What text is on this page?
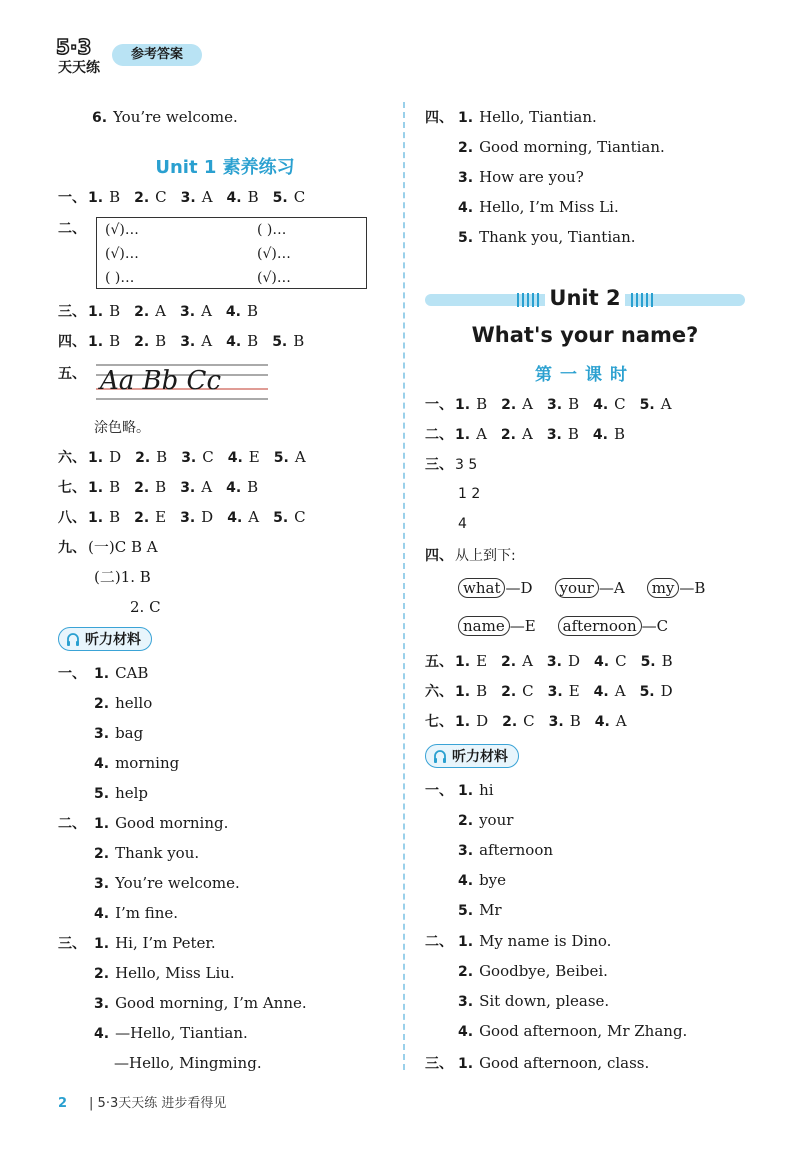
5·3
天天练
参考答案
6. You’re welcome.
Unit 1 素养练习
一、 1. B 2. C 3. A 4. B 5. C
二、 (√)…
(√)…
( )…
( )…
(√)…
(√)…
三、 1. B 2. A 3. A 4. B
四、 1. B 2. B 3. A 4. B 5. B
五、 Aa Bb Cc
涂色略。
六、 1. D 2. B 3. C 4. E 5. A
七、 1. B 2. B 3. A 4. B
八、 1. B 2. E 3. D 4. A 5. C
九、 (一)C B A
(二)1. B
2. C
听力材料
一、
二、
三、
—Hello, Mingming.
四、
Unit 2
What's your name?
第一课时
一、 1. B 2. A 3. B 4. C 5. A
二、 1. A 2. A 3. B 4. B
三、 3 5
1 2
4
四、 从上到下:
what —D your —A my —B
name —E afternoon —C
五、 1. E 2. A 3. D 4. C 5. B
六、 1. B 2. C 3. E 4. A 5. D
七、 1. D 2. C 3. B 4. A
听力材料
一、
二、
三、
2 | 5·3天天练 进步看得见
1. CAB
2. hello
3. bag
4. morning
5. help
1. Good morning.
2. Thank you.
3. You’re welcome.
4. I’m fine.
1. Hi, I’m Peter.
2. Hello, Miss Liu.
3. Good morning, I’m Anne.
4. —Hello, Tiantian.
1. Hello, Tiantian.
2. Good morning, Tiantian.
3. How are you?
4. Hello, I’m Miss Li.
5. Thank you, Tiantian.
1. hi
2. your
3. afternoon
4. bye
5. Mr
1. My name is Dino.
2. Goodbye, Beibei.
3. Sit down, please.
4. Good afternoon, Mr Zhang.
1. Good afternoon, class.
